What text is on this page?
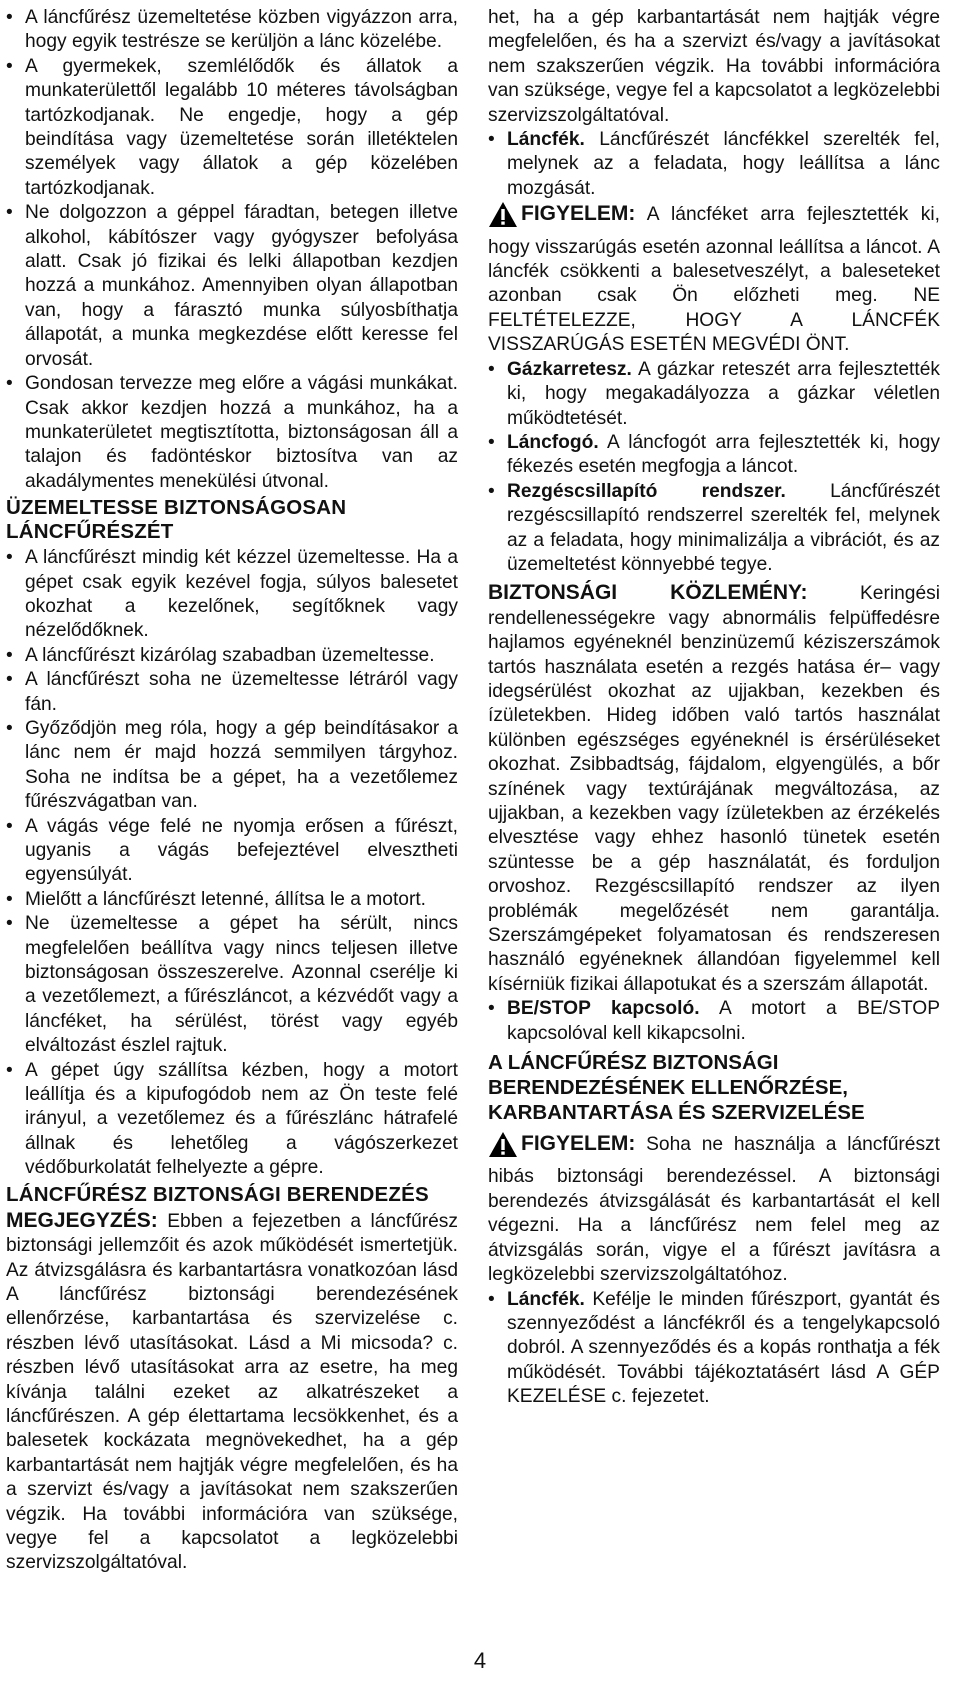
• A láncfűrész üzemeltetése közben vigyázzon arra, hogy egyik testrésze se kerüljön a lánc közelébe.
• A gyermekek, szemlélődők és állatok a munkaterülettől legalább 10 méteres távolságban tartózkodjanak. Ne engedje, hogy a gép beindítása vagy üzemeltetése során illetéktelen személyek vagy állatok a gép közelében tartózkodjanak.
• Ne dolgozzon a géppel fáradtan, betegen illetve alkohol, kábítószer vagy gyógyszer befolyása alatt. Csak jó fizikai és lelki állapotban kezdjen hozzá a munkához. Amennyiben olyan állapotban van, hogy a fárasztó munka súlyosbíthatja állapotát, a munka megkezdése előtt keresse fel orvosát.
• Gondosan tervezze meg előre a vágási munkákat. Csak akkor kezdjen hozzá a munkához, ha a munkaterületet megtisztította, biztonságosan áll a talajon és fadöntéskor biztosítva van az akadálymentes menekülési útvonal.
ÜZEMELTESSE BIZTONSÁGOSAN LÁNCFŰRÉSZÉT
• A láncfűrészt mindig két kézzel üzemeltesse. Ha a gépet csak egyik kezével fogja, súlyos balesetet okozhat a kezelőnek, segítőknek vagy nézelődőknek.
• A láncfűrészt kizárólag szabadban üzemeltesse.
• A láncfűrészt soha ne üzemeltesse létráról vagy fán.
• Győződjön meg róla, hogy a gép beindításakor a lánc nem ér majd hozzá semmilyen tárgyhoz. Soha ne indítsa be a gépet, ha a vezetőlemez fűrészvágatban van.
• A vágás vége felé ne nyomja erősen a fűrészt, ugyanis a vágás befejeztével elvesztheti egyensúlyát.
• Mielőtt a láncfűrészt letenné, állítsa le a motort.
• Ne üzemeltesse a gépet ha sérült, nincs megfelelően beállítva vagy nincs teljesen illetve biztonságosan összeszerelve. Azonnal cserélje ki a vezetőlemezt, a fűrészláncot, a kézvédőt vagy a láncféket, ha sérülést, törést vagy egyéb elváltozást észlel rajtuk.
• A gépet úgy szállítsa kézben, hogy a motort leállítja és a kipufogódob nem az Ön teste felé irányul, a vezetőlemez és a fűrészlánc hátrafelé állnak és lehetőleg a vágószerkezet védőburkolatát felhelyezte a gépre.
LÁNCFŰRÉSZ BIZTONSÁGI BERENDEZÉS

MEGJEGYZÉS: Ebben a fejezetben a láncfűrész biztonsági jellemzőit és azok működését ismertetjük. Az átvizsgálásra és karbantartásra vonatkozóan lásd A láncfűrész biztonsági berendezésének ellenőrzése, karbantartása és szervizelése c. részben lévő utasításokat. Lásd a Mi micsoda? c. részben lévő utasításokat arra az esetre, ha meg kívánja találni ezeket az alkatrészeket a láncfűrészen. A gép élettartama lecsökkenhet, és a balesetek kockázata megnövekedhet, ha a gép karbantartását nem hajtják végre megfelelően, és ha a szervizt és/vagy a javításokat nem szakszerűen végzik. Ha további információra van szüksége, vegye fel a kapcsolatot a legközelebbi szervizszolgáltatóval.

het, ha a gép karbantartását nem hajtják végre megfelelően, és ha a szervizt és/vagy a javításokat nem szakszerűen végzik. Ha további információra van szüksége, vegye fel a kapcsolatot a legközelebbi szervizszolgáltatóval.

• Láncfék. Láncfűrészét láncfékkel szerelték fel, melynek az a feladata, hogy leállítsa a lánc mozgását.

FIGYELEM: A láncféket arra fejlesztették ki, hogy visszarúgás esetén azonnal leállítsa a láncot. A láncfék csökkenti a balesetveszélyt, a baleseteket azonban csak Ön előzheti meg. NE FELTÉTELEZZE, HOGY A LÁNCFÉK VISSZARÚGÁS ESETÉN MEGVÉDI ÖNT.

• Gázkarretesz. A gázkar reteszét arra fejlesztették ki, hogy megakadályozza a gázkar véletlen működtetését.
• Láncfogó. A láncfogót arra fejlesztették ki, hogy fékezés esetén megfogja a láncot.
• Rezgéscsillapító rendszer. Láncfűrészét rezgéscsillapító rendszerrel szerelték fel, melynek az a feladata, hogy minimalizálja a vibrációt, és az üzemeltetést könnyebbé tegye.

BIZTONSÁGI KÖZLEMÉNY: Keringési rendellenességekre vagy abnormális felpüffedésre hajlamos egyéneknél benzinüzemű kéziszerszámok tartós használata esetén a rezgés hatása ér– vagy idegsérülést okozhat az ujjakban, kezekben és ízületekben. Hideg időben való tartós használat különben egészséges egyéneknél is érsérüléseket okozhat. Zsibbadtság, fájdalom, elgyengülés, a bőr színének vagy textúrájának megváltozása, az ujjakban, a kezekben vagy ízületekben az érzékelés elvesztése vagy ehhez hasonló tünetek esetén szüntesse be a gép használatát, és forduljon orvoshoz. Rezgéscsillapító rendszer az ilyen problémák megelőzését nem garantálja. Szerszámgépeket folyamatosan és rendszeresen használó egyéneknek állandóan figyelemmel kell kísérniük fizikai állapotukat és a szerszám állapotát.

• BE/STOP kapcsoló. A motort a BE/STOP kapcsolóval kell kikapcsolni.
A LÁNCFŰRÉSZ BIZTONSÁGI BERENDEZÉSÉNEK ELLENŐRZÉSE, KARBANTARTÁSA ÉS SZERVIZELÉSE

FIGYELEM: Soha ne használja a láncfűrészt hibás biztonsági berendezéssel. A biztonsági berendezés átvizsgálását és karbantartását el kell végezni. Ha a láncfűrész nem felel meg az átvizsgálás során, vigye el a fűrészt javításra a legközelebbi szervizszolgáltatóhoz.

• Láncfék. Kefélje le minden fűrészport, gyantát és szennyeződést a láncfékről és a tengelykapcsoló dobról. A szennyeződés és a kopás ronthatja a fék működését. További tájékoztatásért lásd A GÉP KEZELÉSE c. fejezetet.
4
